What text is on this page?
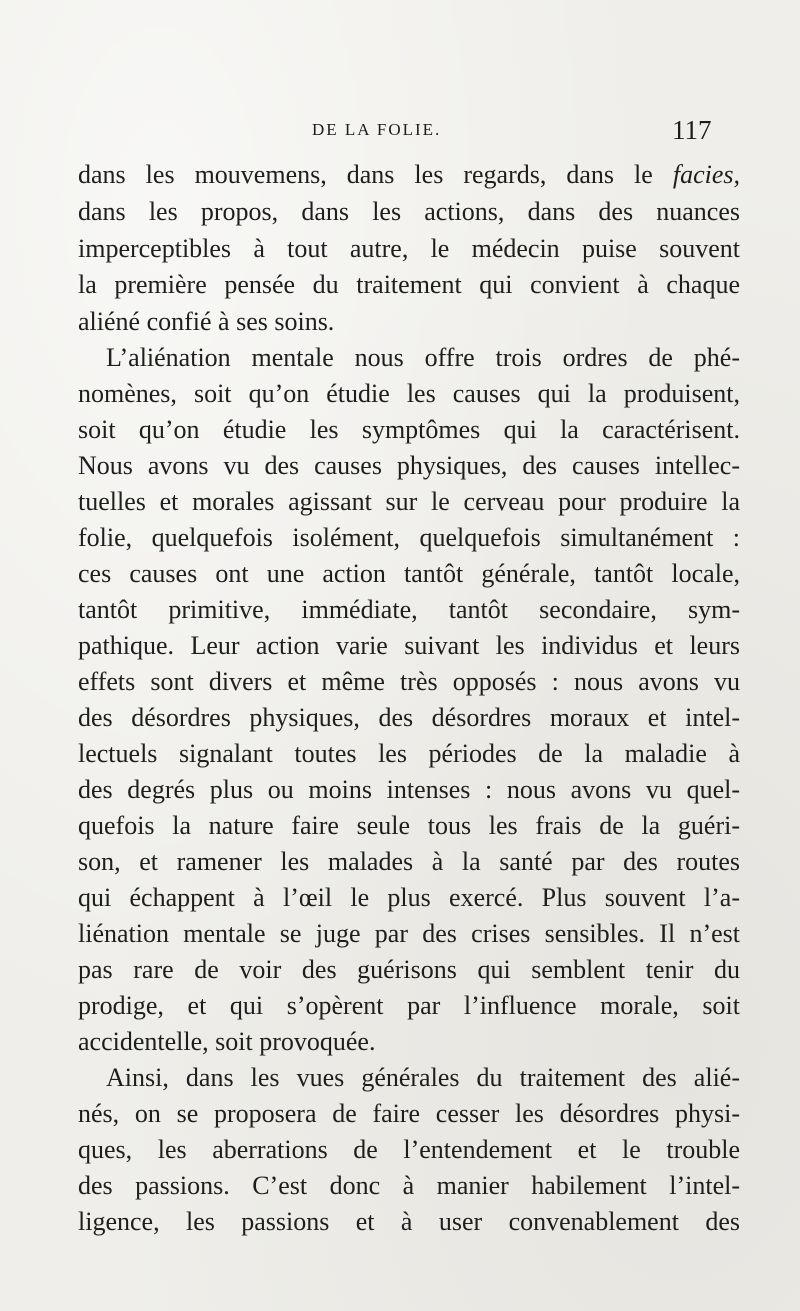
DE LA FOLIE.	117
dans les mouvemens, dans les regards, dans le facies,
dans les propos, dans les actions, dans des nuances
imperceptibles à tout autre, le médecin puise souvent
la première pensée du traitement qui convient à chaque
aliéné confié à ses soins.
L’aliénation mentale nous offre trois ordres de phé-
nomènes, soit qu’on étudie les causes qui la produisent,
soit qu’on étudie les symptômes qui la caractérisent.
Nous avons vu des causes physiques, des causes intellec-
tuelles et morales agissant sur le cerveau pour produire la
folie, quelquefois isolément, quelquefois simultanément :
ces causes ont une action tantôt générale, tantôt locale,
tantôt primitive, immédiate, tantôt secondaire, sym-
pathique. Leur action varie suivant les individus et leurs
effets sont divers et même très opposés : nous avons vu
des désordres physiques, des désordres moraux et intel-
lectuels signalant toutes les périodes de la maladie à
des degrés plus ou moins intenses : nous avons vu quel-
quefois la nature faire seule tous les frais de la guéri-
son, et ramener les malades à la santé par des routes
qui échappent à l’œil le plus exercé. Plus souvent l’a-
liénation mentale se juge par des crises sensibles. Il n’est
pas rare de voir des guérisons qui semblent tenir du
prodige, et qui s’opèrent par l’influence morale, soit
accidentelle, soit provoquée.
Ainsi, dans les vues générales du traitement des alié-
nés, on se proposera de faire cesser les désordres physi-
ques, les aberrations de l’entendement et le trouble
des passions. C’est donc à manier habilement l’intel-
ligence, les passions et à user convenablement des
